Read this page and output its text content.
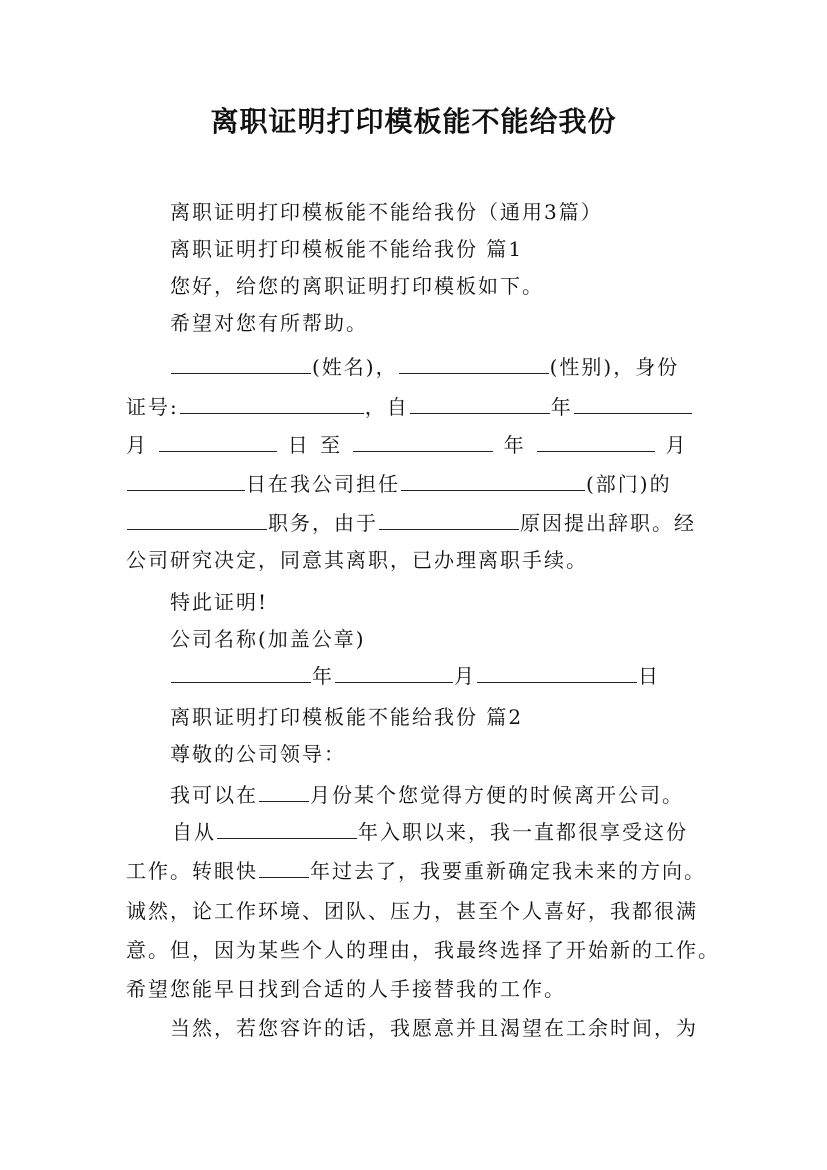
离职证明打印模板能不能给我份
离职证明打印模板能不能给我份（通用3篇）
离职证明打印模板能不能给我份 篇1
您好，给您的离职证明打印模板如下。
希望对您有所帮助。
(姓名)，	(性别)，身份
证号:	，自	年
月	日 至	年	月
日在我公司担任	(部门)的
职务，由于	原因提出辞职。经
公司研究决定，同意其离职，已办理离职手续。
特此证明!
公司名称(加盖公章)
年	月	日
离职证明打印模板能不能给我份 篇2
尊敬的公司领导：
我可以在	月份某个您觉得方便的时候离开公司。
自从	年入职以来，我一直都很享受这份
工作。转眼快	年过去了，我要重新确定我未来的方向。
诚然，论工作环境、团队、压力，甚至个人喜好，我都很满
意。但，因为某些个人的理由，我最终选择了开始新的工作。
希望您能早日找到合适的人手接替我的工作。
当然，若您容许的话，我愿意并且渴望在工余时间，为
